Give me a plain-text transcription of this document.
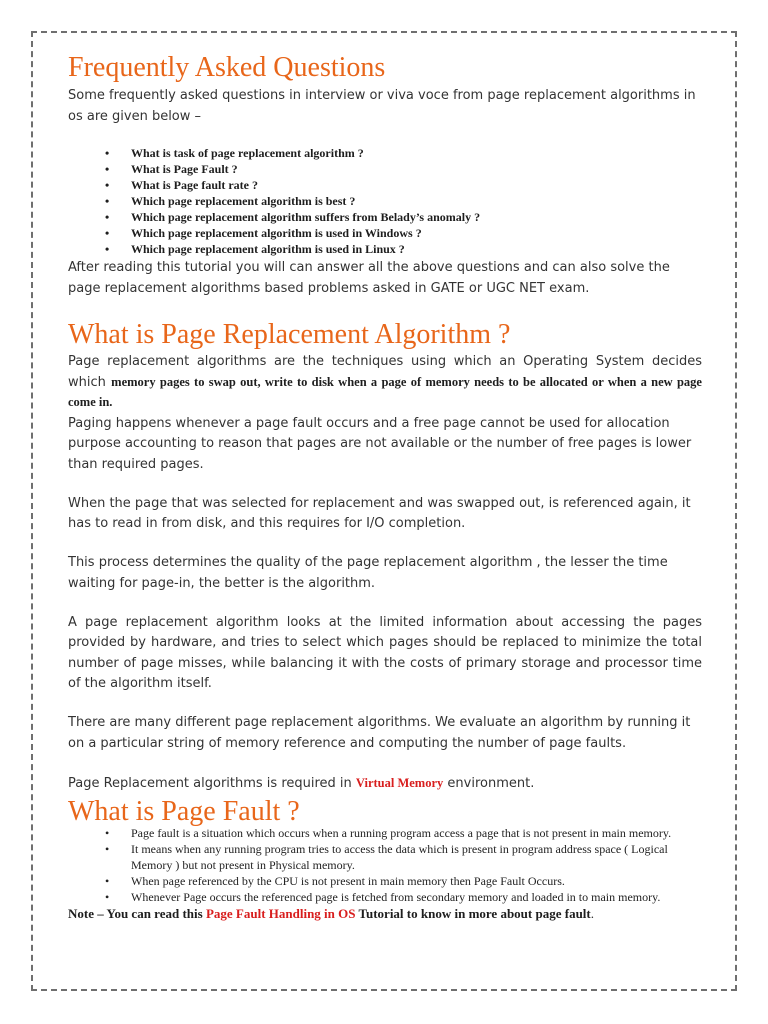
Frequently Asked Questions

Some frequently asked questions in interview or viva voce from page replacement algorithms in os are given below –

• What is task of page replacement algorithm ?
• What is Page Fault ?
• What is Page fault rate ?
• Which page replacement algorithm is best ?
• Which page replacement algorithm suffers from Belady’s anomaly ?
• Which page replacement algorithm is used in Windows ?
• Which page replacement algorithm is used in Linux ?

After reading this tutorial you will can answer all the above questions and can also solve the page replacement algorithms based problems asked in GATE or UGC NET exam.

What is Page Replacement Algorithm ?

Page replacement algorithms are the techniques using which an Operating System decides which memory pages to swap out, write to disk when a page of memory needs to be allocated or when a new page come in.

Paging happens whenever a page fault occurs and a free page cannot be used for allocation purpose accounting to reason that pages are not available or the number of free pages is lower than required pages.

When the page that was selected for replacement and was swapped out, is referenced again, it has to read in from disk, and this requires for I/O completion.

This process determines the quality of the page replacement algorithm , the lesser the time waiting for page-in, the better is the algorithm.

A page replacement algorithm looks at the limited information about accessing the pages provided by hardware, and tries to select which pages should be replaced to minimize the total number of page misses, while balancing it with the costs of primary storage and processor time of the algorithm itself.

There are many different page replacement algorithms. We evaluate an algorithm by running it on a particular string of memory reference and computing the number of page faults.

Page Replacement algorithms is required in Virtual Memory environment.

What is Page Fault ?
• Page fault is a situation which occurs when a running program access a page that is not present in main memory.
• It means when any running program tries to access the data which is present in program address space ( Logical Memory ) but not present in Physical memory.
• When page referenced by the CPU is not present in main memory then Page Fault Occurs.
• Whenever Page occurs the referenced page is fetched from secondary memory and loaded in to main memory.

Note – You can read this Page Fault Handling in OS Tutorial to know in more about page fault.
